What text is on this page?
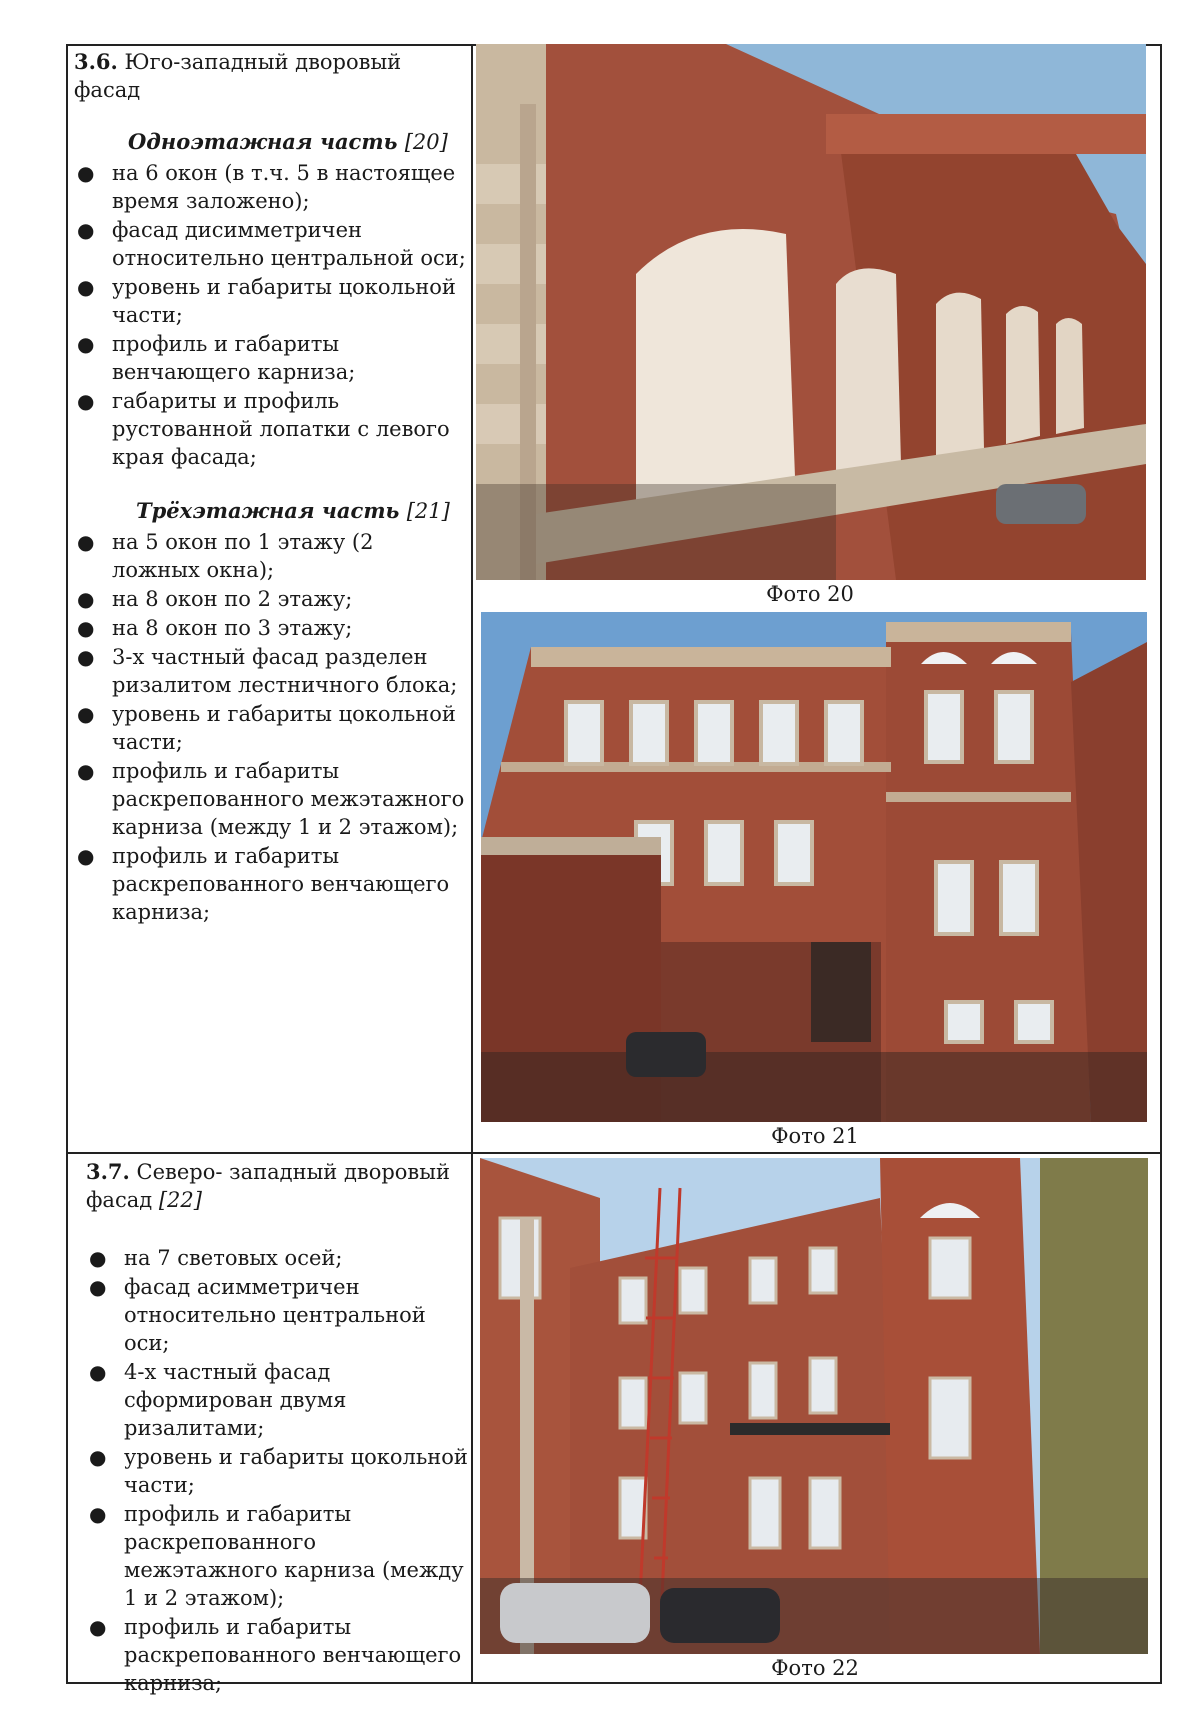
3.6. Юго-западный дворовый фасад

Одноэтажная часть [20]

● на 6 окон (в т.ч. 5 в настоящее время заложено);
● фасад дисимметричен относительно центральной оси;
● уровень и габариты цокольной части;
● профиль и габариты венчающего карниза;
● габариты и профиль рустованной лопатки с левого края фасада;

Трёхэтажная часть [21]

● на 5 окон по 1 этажу (2 ложных окна);
● на 8 окон по 2 этажу;
● на 8 окон по 3 этажу;
● 3-х частный фасад разделен ризалитом лестничного блока;
● уровень и габариты цокольной части;
● профиль и габариты раскрепованного межэтажного карниза (между 1 и 2 этажом);
● профиль и габариты раскрепованного венчающего карниза;

3.7. Северо- западный дворовый фасад [22]

● на 7 световых осей;
● фасад асимметричен относительно центральной оси;
● 4-х частный фасад сформирован двумя ризалитами;
● уровень и габариты цокольной части;
● профиль и габариты раскрепованного межэтажного карниза (между 1 и 2 этажом);
● профиль и габариты раскрепованного венчающего карниза;
Фото 20
Фото 21
Фото 22
